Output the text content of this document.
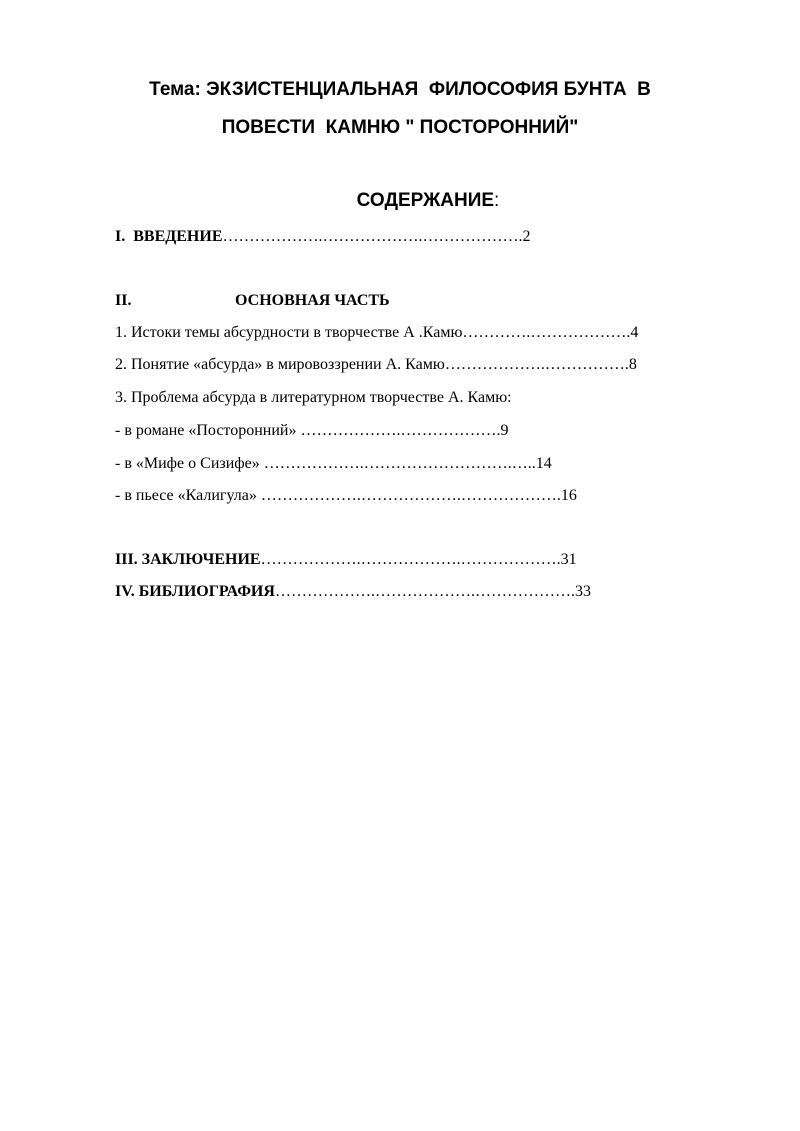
Тема: ЭКЗИСТЕНЦИАЛЬНАЯ  ФИЛОСОФИЯ БУНТА  В
ПОВЕСТИ  КАМНЮ " ПОСТОРОННИЙ"
СОДЕРЖАНИЕ:
I.  ВВЕДЕНИЕ……………….……………….……………….2
II.	ОСНОВНАЯ ЧАСТЬ
1. Истоки темы абсурдности в творчестве А .Камю………….……………….4
2. Понятие «абсурда» в мировоззрении А. Камю……………….…………….8
3. Проблема абсурда в литературном творчестве А. Камю:
- в романе «Посторонний» ……………….……………….9
- в «Мифе о Сизифе» ……………….……………………….…..14
- в пьесе «Калигула» ……………….……………….……………….16
III. ЗАКЛЮЧЕНИЕ……………….……………….……………….31
IV. БИБЛИОГРАФИЯ……………….……………….……………….33
